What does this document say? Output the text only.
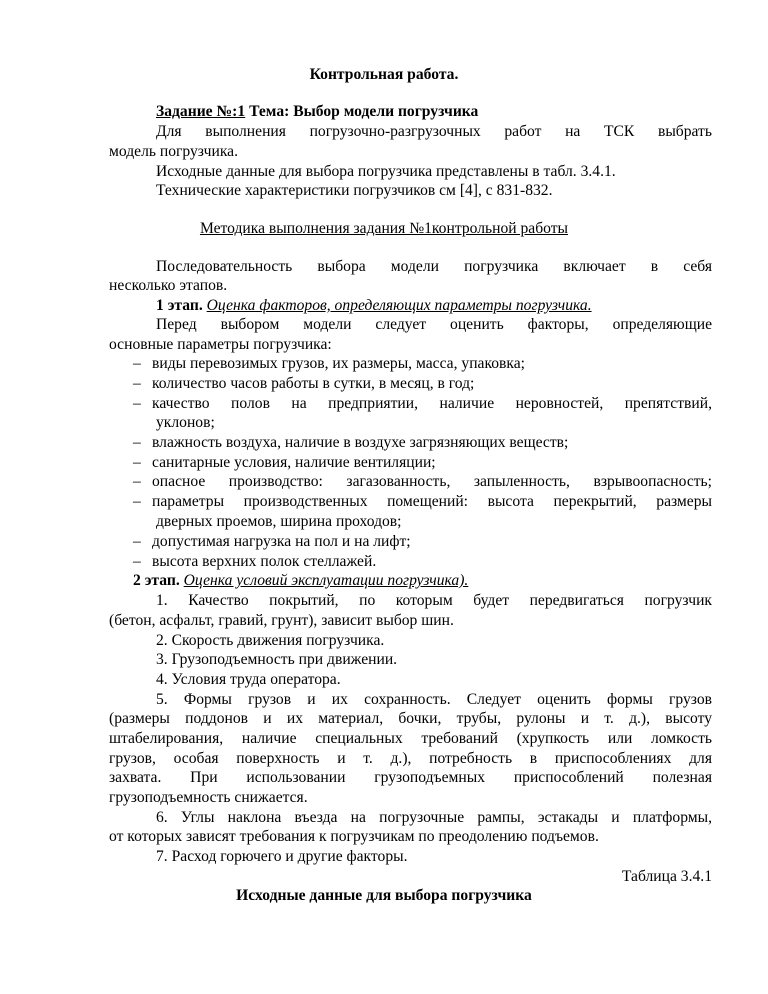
Контрольная работа.
Задание №:1 Тема: Выбор модели погрузчика
Для выполнения погрузочно-разгрузочных работ на ТСК выбрать
модель погрузчика.
Исходные данные для выбора погрузчика представлены в табл. 3.4.1.
Технические характеристики погрузчиков см [4], с 831-832.
Методика выполнения задания №1контрольной работы
Последовательность выбора модели погрузчика включает в себя
несколько этапов.
1 этап. Оценка факторов, определяющих параметры погрузчика.
Перед выбором модели следует оценить факторы, определяющие
основные параметры погрузчика:
– виды перевозимых грузов, их размеры, масса, упаковка;
– количество часов работы в сутки, в месяц, в год;
– качество полов на предприятии, наличие неровностей, препятствий,
уклонов;
– влажность воздуха, наличие в воздухе загрязняющих веществ;
– санитарные условия, наличие вентиляции;
– опасное производство: загазованность, запыленность, взрывоопасность;
– параметры производственных помещений: высота перекрытий, размеры
дверных проемов, ширина проходов;
– допустимая нагрузка на пол и на лифт;
– высота верхних полок стеллажей.
2 этап. Оценка условий эксплуатации погрузчика).
1. Качество покрытий, по которым будет передвигаться погрузчик
(бетон, асфальт, гравий, грунт), зависит выбор шин.
2. Скорость движения погрузчика.
3. Грузоподъемность при движении.
4. Условия труда оператора.
5. Формы грузов и их сохранность. Следует оценить формы грузов
(размеры поддонов и их материал, бочки, трубы, рулоны и т. д.), высоту
штабелирования, наличие специальных требований (хрупкость или ломкость
грузов, особая поверхность и т. д.), потребность в приспособлениях для
захвата. При использовании грузоподъемных приспособлений полезная
грузоподъемность снижается.
6. Углы наклона въезда на погрузочные рампы, эстакады и платформы,
от которых зависят требования к погрузчикам по преодолению подъемов.
7. Расход горючего и другие факторы.
Таблица 3.4.1
Исходные данные для выбора погрузчика
